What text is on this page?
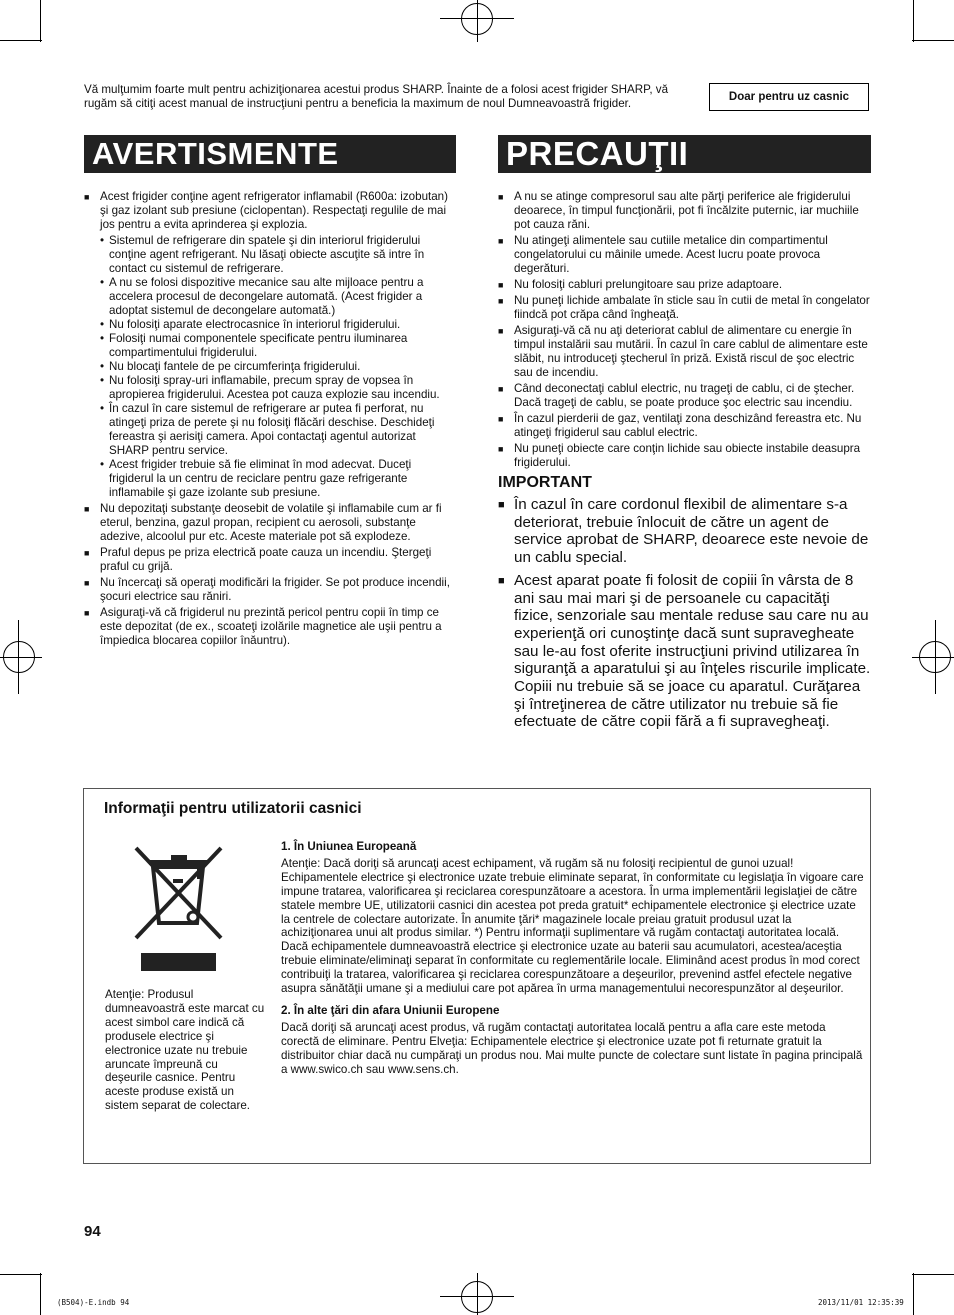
Vă mulţumim foarte mult pentru achiziţionarea acestui produs SHARP. Înainte de a folosi acest frigider SHARP, vă rugăm să citiţi acest manual de instrucţiuni pentru a beneficia la maximum de noul Dumneavoastră frigider.	Doar pentru uz casnic
AVERTISMENTE
■ Acest frigider conţine agent refrigerator inflamabil (R600a: izobutan) şi gaz izolant sub presiune (ciclopentan). Respectaţi regulile de mai jos pentru a evita aprinderea şi explozia.
• Sistemul de refrigerare din spatele şi din interiorul frigiderului conţine agent refrigerant. Nu lăsaţi obiecte ascuţite să intre în contact cu sistemul de refrigerare.
• A nu se folosi dispozitive mecanice sau alte mijloace pentru a accelera procesul de decongelare automată. (Acest frigider a adoptat sistemul de decongelare automată.)
• Nu folosiţi aparate electrocasnice în interiorul frigiderului.
• Folosiţi numai componentele specificate pentru iluminarea compartimentului frigiderului.
• Nu blocaţi fantele de pe circumferinţa frigiderului.
• Nu folosiţi spray-uri inflamabile, precum spray de vopsea în apropierea frigiderului. Acestea pot cauza explozie sau incendiu.
• În cazul în care sistemul de refrigerare ar putea fi perforat, nu atingeţi priza de perete şi nu folosiţi flăcări deschise. Deschideţi fereastra şi aerisiţi camera. Apoi contactaţi agentul autorizat SHARP pentru service.
• Acest frigider trebuie să fie eliminat în mod adecvat. Duceţi frigiderul la un centru de reciclare pentru gaze refrigerante inflamabile şi gaze izolante sub presiune.
■ Nu depozitaţi substanţe deosebit de volatile şi inflamabile cum ar fi eterul, benzina, gazul propan, recipient cu aerosoli, substanţe adezive, alcoolul pur etc. Aceste materiale pot să explodeze.
■ Praful depus pe priza electrică poate cauza un incendiu. Ştergeţi praful cu grijă.
■ Nu încercaţi să operaţi modificări la frigider. Se pot produce incendii, şocuri electrice sau răniri.
■ Asiguraţi-vă că frigiderul nu prezintă pericol pentru copii în timp ce este depozitat (de ex., scoateţi izolările magnetice ale uşii pentru a împiedica blocarea copiilor înăuntru).
PRECAUŢII
■ A nu se atinge compresorul sau alte părţi periferice ale frigiderului deoarece, în timpul funcţionării, pot fi încălzite puternic, iar muchiile pot cauza răni.
■ Nu atingeţi alimentele sau cutiile metalice din compartimentul congelatorului cu mâinile umede. Acest lucru poate provoca degerături.
■ Nu folosiţi cabluri prelungitoare sau prize adaptoare.
■ Nu puneţi lichide ambalate în sticle sau în cutii de metal în congelator fiindcă pot crăpa când îngheaţă.
■ Asiguraţi-vă că nu aţi deteriorat cablul de alimentare cu energie în timpul instalării sau mutării. În cazul în care cablul de alimentare este slăbit, nu introduceţi ştecherul în priză. Există riscul de şoc electric sau de incendiu.
■ Când deconectaţi cablul electric, nu trageţi de cablu, ci de ştecher. Dacă trageţi de cablu, se poate produce şoc electric sau incendiu.
■ În cazul pierderii de gaz, ventilaţi zona deschizând fereastra etc. Nu atingeţi frigiderul sau cablul electric.
■ Nu puneţi obiecte care conţin lichide sau obiecte instabile deasupra frigiderului.
IMPORTANT
■ În cazul în care cordonul flexibil de alimentare s-a deteriorat, trebuie înlocuit de către un agent de service aprobat de SHARP, deoarece este nevoie de un cablu special.
■ Acest aparat poate fi folosit de copiii în vârsta de 8 ani sau mai mari şi de persoanele cu capacităţi fizice, senzoriale sau mentale reduse sau care nu au experienţă ori cunoştinţe dacă sunt supravegheate sau le-au fost oferite instrucţiuni privind utilizarea în siguranţă a aparatului şi au înţeles riscurile implicate. Copiii nu trebuie să se joace cu aparatul. Curăţarea şi întreţinerea de către utilizator nu trebuie să fie efectuate de către copii fără a fi supravegheaţi.
Informaţii pentru utilizatorii casnici
Atenţie: Produsul dumneavoastră este marcat cu acest simbol care indică că produsele electrice şi electronice uzate nu trebuie aruncate împreună cu deşeurile casnice. Pentru aceste produse există un sistem separat de colectare.
1. În Uniunea Europeană

Atenţie: Dacă doriţi să aruncaţi acest echipament, vă rugăm să nu folosiţi recipientul de gunoi uzual! Echipamentele electrice şi electronice uzate trebuie eliminate separat, în conformitate cu legislaţia în vigoare care impune tratarea, valorificarea şi reciclarea corespunzătoare a acestora. În urma implementării legislaţiei de către statele membre UE, utilizatorii casnici din acestea pot preda gratuit* echipamentele electronice şi electrice uzate la centrele de colectare autorizate. În anumite ţări* magazinele locale preiau gratuit produsul uzat la achiziţionarea unui alt produs similar. *) Pentru informaţii suplimentare vă rugăm contactaţi autoritatea locală. Dacă echipamentele dumneavoastră electrice şi electronice uzate au baterii sau acumulatori, acestea/aceştia trebuie eliminate/eliminaţi separat în conformitate cu reglementările locale. Eliminând acest produs în mod corect contribuiţi la tratarea, valorificarea şi reciclarea corespunzătoare a deşeurilor, prevenind astfel efectele negative asupra sănătăţii umane şi a mediului care pot apărea în urma managementului necorespunzător al deşeurilor.

2. În alte ţări din afara Uniunii Europene

Dacă doriţi să aruncaţi acest produs, vă rugăm contactaţi autoritatea locală pentru a afla care este metoda corectă de eliminare. Pentru Elveţia: Echipamentele electrice şi electronice uzate pot fi returnate gratuit la distribuitor chiar dacă nu cumpăraţi un produs nou. Mai multe puncte de colectare sunt listate în pagina principală a www.swico.ch sau www.sens.ch.

94
(B504)-E.indb 94	2013/11/01 12:35:39
